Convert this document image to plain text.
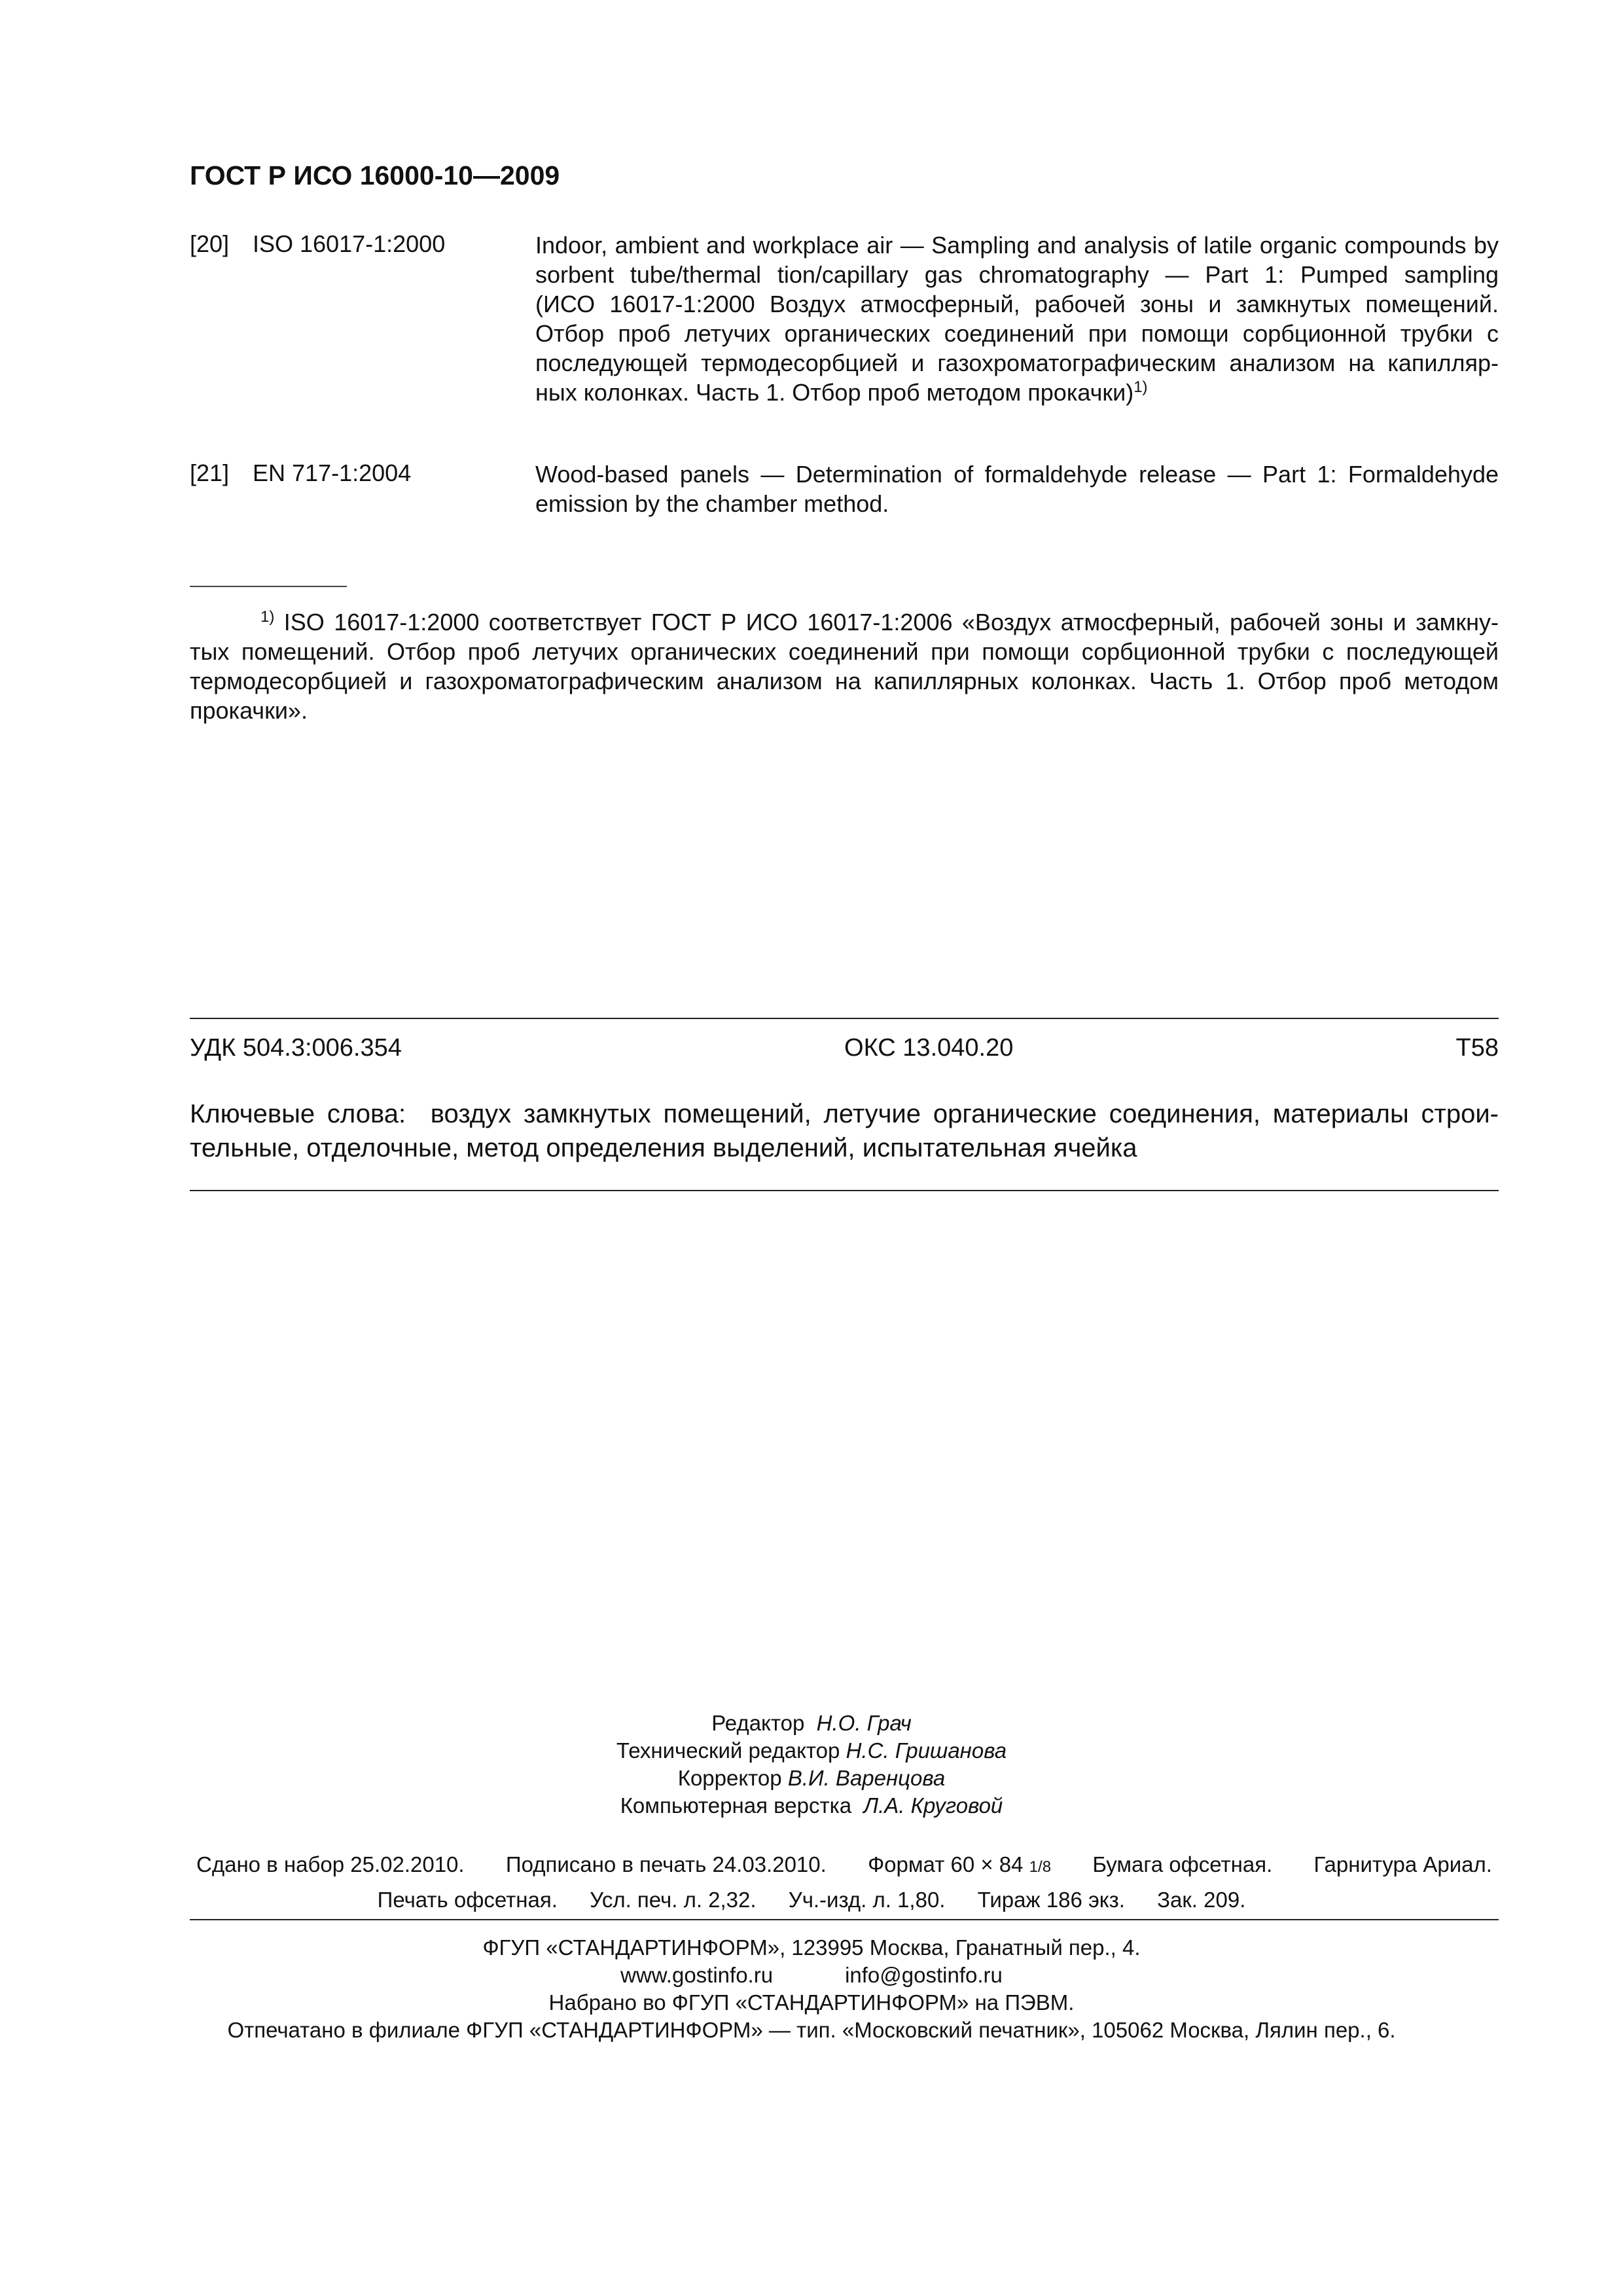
ГОСТ Р ИСО 16000-10—2009
[20] ISO 16017-1:2000	Indoor, ambient and workplace air — Sampling and analysis of latile organic compounds by
sorbent tube/thermal tion/capillary gas chromatography — Part 1: Pumped sampling
(ИСО 16017-1:2000 Воздух атмосферный, рабочей зоны и замкнутых помещений.
Отбор проб летучих органических соединений при помощи сорбционной трубки с
последующей термодесорбцией и газохроматографическим анализом на капилляр-
ных колонках. Часть 1. Отбор проб методом прокачки)$^{1)}$
[21] EN 717-1:2004	Wood-based panels — Determination of formaldehyde release — Part 1: Formaldehyde
emission by the chamber method.
$^{1)}$ ISO 16017-1:2000 соответствует ГОСТ Р ИСО 16017-1:2006 «Воздух атмосферный, рабочей зоны и замкну-
тых помещений. Отбор проб летучих органических соединений при помощи сорбционной трубки с последующей
термодесорбцией и газохроматографическим анализом на капиллярных колонках. Часть 1. Отбор проб методом
прокачки».
УДК 504.3:006.354	ОКС 13.040.20	Т58
Ключевые слова: воздух замкнутых помещений, летучие органические соединения, материалы строи-
тельные, отделочные, метод определения выделений, испытательная ячейка
Редактор Н.О. Грач
Технический редактор Н.С. Гришанова
Корректор В.И. Варенцова
Компьютерная верстка Л.А. Круговой
Сдано в набор 25.02.2010. Подписано в печать 24.03.2010. Формат 60 × 84 1/8 Бумага офсетная. Гарнитура Ариал.
Печать офсетная. Усл. печ. л. 2,32. Уч.-изд. л. 1,80. Тираж 186 экз. Зак. 209.
ФГУП «СТАНДАРТИНФОРМ», 123995 Москва, Гранатный пер., 4.
www.gostinfo.ru	info@gostinfo.ru
Набрано во ФГУП «СТАНДАРТИНФОРМ» на ПЭВМ.
Отпечатано в филиале ФГУП «СТАНДАРТИНФОРМ» — тип. «Московский печатник», 105062 Москва, Лялин пер., 6.
